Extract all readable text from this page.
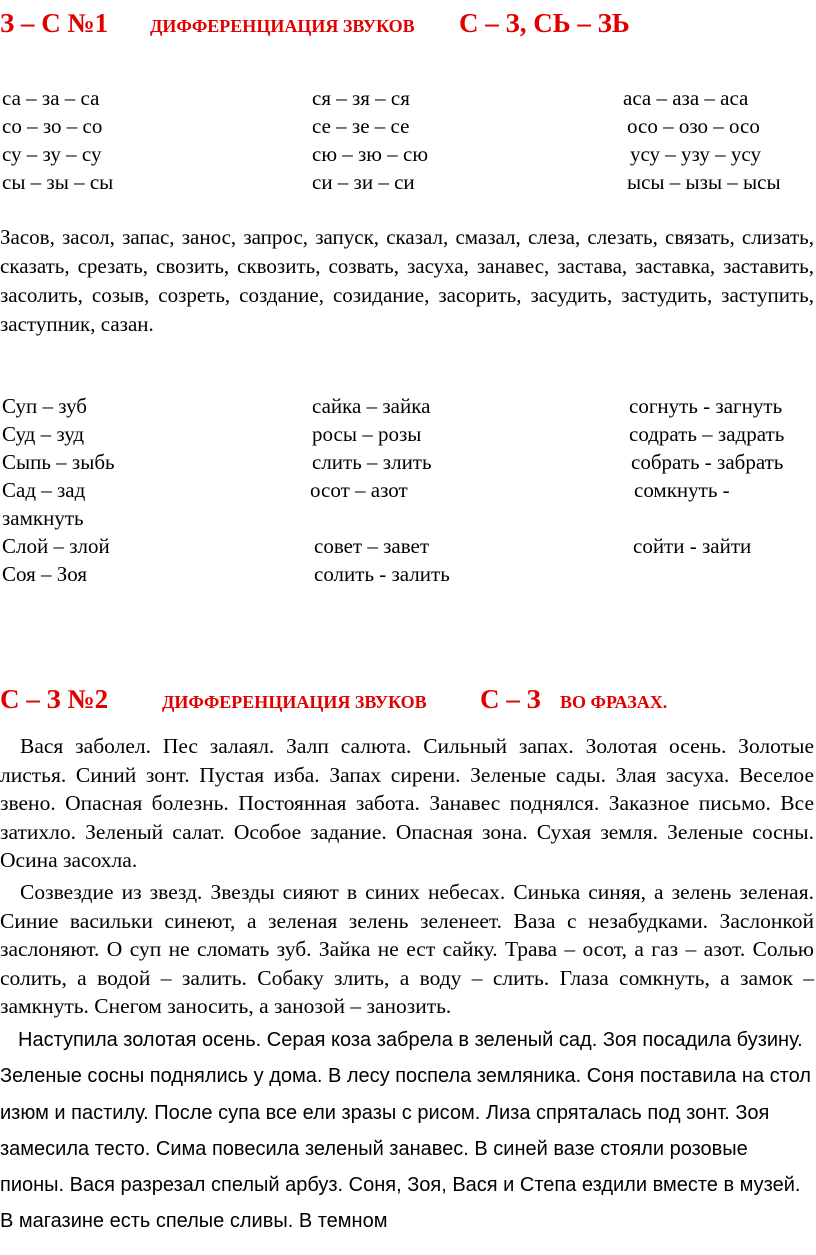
З – С №1 ДИФФЕРЕНЦИАЦИЯ ЗВУКОВ С – З, СЬ – ЗЬ
са – за – са	ся – зя – ся	аса – аза – аса
со – зо – со	се – зе – се	осо – озо – осо
су – зу – су	сю – зю – сю	усу – узу – усу
сы – зы – сы	си – зи – си	ысы – ызы – ысы

Засов, засол, запас, занос, запрос, запуск, сказал, смазал, слеза, слезать, связать, слизать, сказать, срезать, свозить, сквозить, созвать, засуха, занавес, застава, заставка, заставить, засолить, созыв, созреть, создание, созидание, засорить, засудить, застудить, заступить, заступник, сазан.

Суп – зуб	сайка – зайка	согнуть - загнуть
Суд – зуд	росы – розы	содрать – задрать
Сыпь – зыбь	слить – злить	собрать - забрать
Сад – зад	осот – азот	сомкнуть -
замкнуть
Слой – злой	совет – завет	сойти - зайти
Соя – Зоя	солить - залить
С – З №2	ДИФФЕРЕНЦИАЦИЯ ЗВУКОВ С – З ВО ФРАЗАХ.

Вася заболел. Пес залаял. Залп салюта. Сильный запах. Золотая осень. Золотые листья. Синий зонт. Пустая изба. Запах сирени. Зеленые сады. Злая засуха. Веселое звено. Опасная болезнь. Постоянная забота. Занавес поднялся. Заказное письмо. Все затихло. Зеленый салат. Особое задание. Опасная зона. Сухая земля. Зеленые сосны. Осина засохла.

Созвездие из звезд. Звезды сияют в синих небесах. Синька синяя, а зелень зеленая. Синие васильки синеют, а зеленая зелень зеленеет. Ваза с незабудками. Заслонкой заслоняют. О суп не сломать зуб. Зайка не ест сайку. Трава – осот, а газ – азот. Солью солить, а водой – залить. Собаку злить, а воду – слить. Глаза сомкнуть, а замок – замкнуть. Снегом заносить, а занозой – занозить.

Наступила золотая осень. Серая коза забрела в зеленый сад. Зоя посадила бузину. Зеленые сосны поднялись у дома. В лесу поспела земляника. Соня поставила на стол изюм и пастилу. После супа все ели зразы с рисом. Лиза спряталась под зонт. Зоя замесила тесто. Сима повесила зеленый занавес. В синей вазе стояли розовые пионы. Вася разрезал спелый арбуз. Соня, Зоя, Вася и Степа ездили вместе в музей. В магазине есть спелые сливы. В темном
